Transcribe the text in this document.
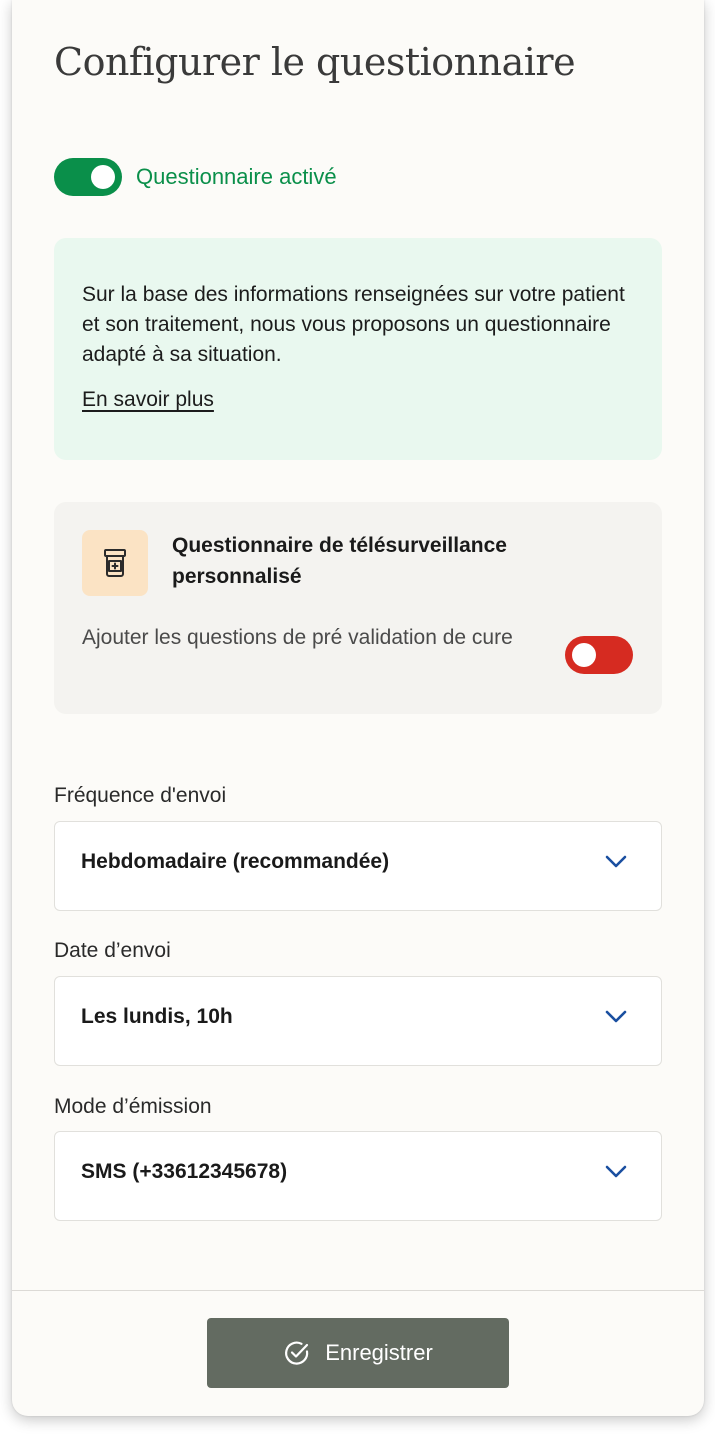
Configurer le questionnaire
Questionnaire activé

Sur la base des informations renseignées sur votre patient et son traitement, nous vous proposons un questionnaire adapté à sa situation.

En savoir plus
Questionnaire de télésurveillance personnalisé
Ajouter les questions de pré validation de cure
Fréquence d'envoi
Hebdomadaire (recommandée)
Date d’envoi
Les lundis, 10h
Mode d’émission
SMS (+33612345678)
Enregistrer
